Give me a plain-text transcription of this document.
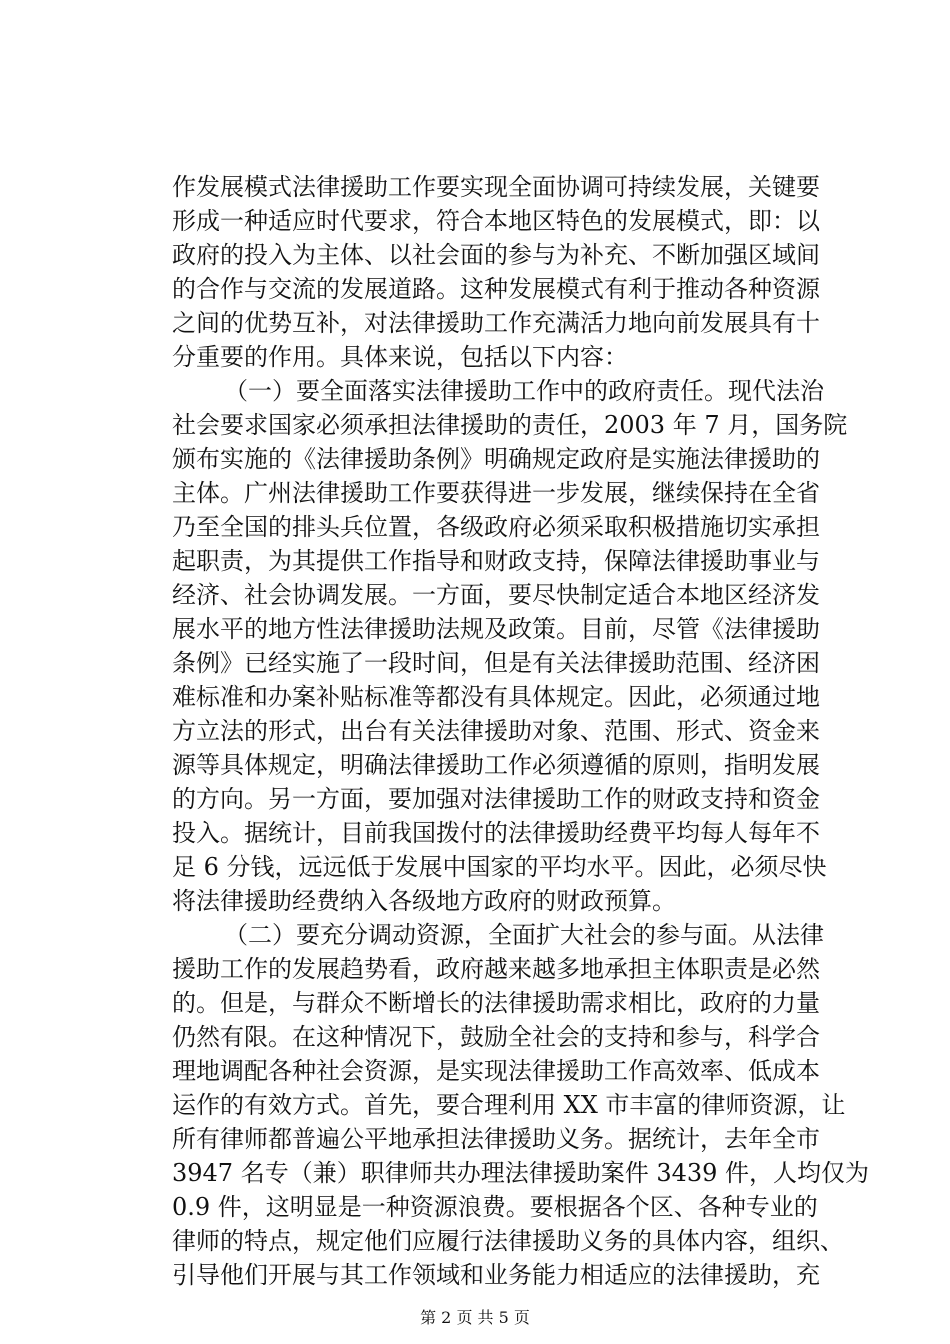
作发展模式法律援助工作要实现全面协调可持续发展，关键要
形成一种适应时代要求，符合本地区特色的发展模式，即：以
政府的投入为主体、以社会面的参与为补充、不断加强区域间
的合作与交流的发展道路。这种发展模式有利于推动各种资源
之间的优势互补，对法律援助工作充满活力地向前发展具有十
分重要的作用。具体来说，包括以下内容：
（一）要全面落实法律援助工作中的政府责任。现代法治
社会要求国家必须承担法律援助的责任，2003 年 7 月，国务院
颁布实施的《法律援助条例》明确规定政府是实施法律援助的
主体。广州法律援助工作要获得进一步发展，继续保持在全省
乃至全国的排头兵位置，各级政府必须采取积极措施切实承担
起职责，为其提供工作指导和财政支持，保障法律援助事业与
经济、社会协调发展。一方面，要尽快制定适合本地区经济发
展水平的地方性法律援助法规及政策。目前，尽管《法律援助
条例》已经实施了一段时间，但是有关法律援助范围、经济困
难标准和办案补贴标准等都没有具体规定。因此，必须通过地
方立法的形式，出台有关法律援助对象、范围、形式、资金来
源等具体规定，明确法律援助工作必须遵循的原则，指明发展
的方向。另一方面，要加强对法律援助工作的财政支持和资金
投入。据统计，目前我国拨付的法律援助经费平均每人每年不
足 6 分钱，远远低于发展中国家的平均水平。因此，必须尽快
将法律援助经费纳入各级地方政府的财政预算。
（二）要充分调动资源，全面扩大社会的参与面。从法律
援助工作的发展趋势看，政府越来越多地承担主体职责是必然
的。但是，与群众不断增长的法律援助需求相比，政府的力量
仍然有限。在这种情况下，鼓励全社会的支持和参与，科学合
理地调配各种社会资源，是实现法律援助工作高效率、低成本
运作的有效方式。首先，要合理利用 XX 市丰富的律师资源，让
所有律师都普遍公平地承担法律援助义务。据统计，去年全市
3947 名专（兼）职律师共办理法律援助案件 3439 件，人均仅为
0.9 件，这明显是一种资源浪费。要根据各个区、各种专业的
律师的特点，规定他们应履行法律援助义务的具体内容，组织、
引导他们开展与其工作领域和业务能力相适应的法律援助，充
第 2 页 共 5 页
